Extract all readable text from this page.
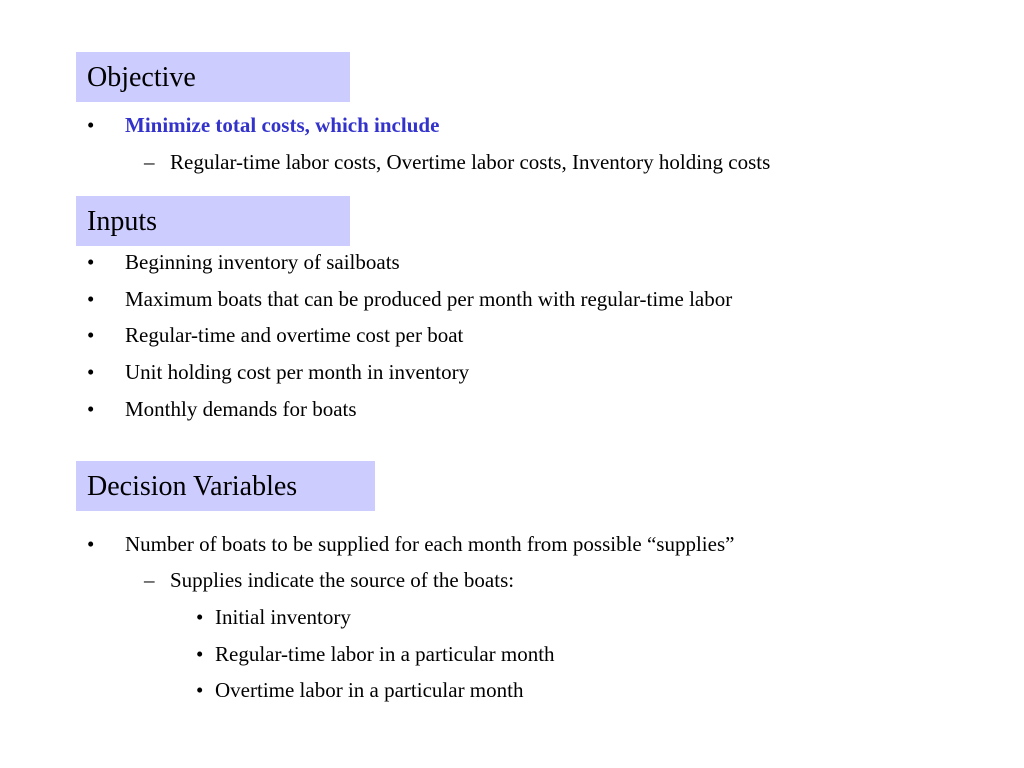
Objective
• Minimize total costs, which include
– Regular-time labor costs, Overtime labor costs, Inventory holding costs
Inputs
• Beginning inventory of sailboats
• Maximum boats that can be produced per month with regular-time labor
• Regular-time and overtime cost per boat
• Unit holding cost per month in inventory
• Monthly demands for boats
Decision Variables
• Number of boats to be supplied for each month from possible “supplies”
– Supplies indicate the source of the boats:
• Initial inventory
• Regular-time labor in a particular month
• Overtime labor in a particular month
